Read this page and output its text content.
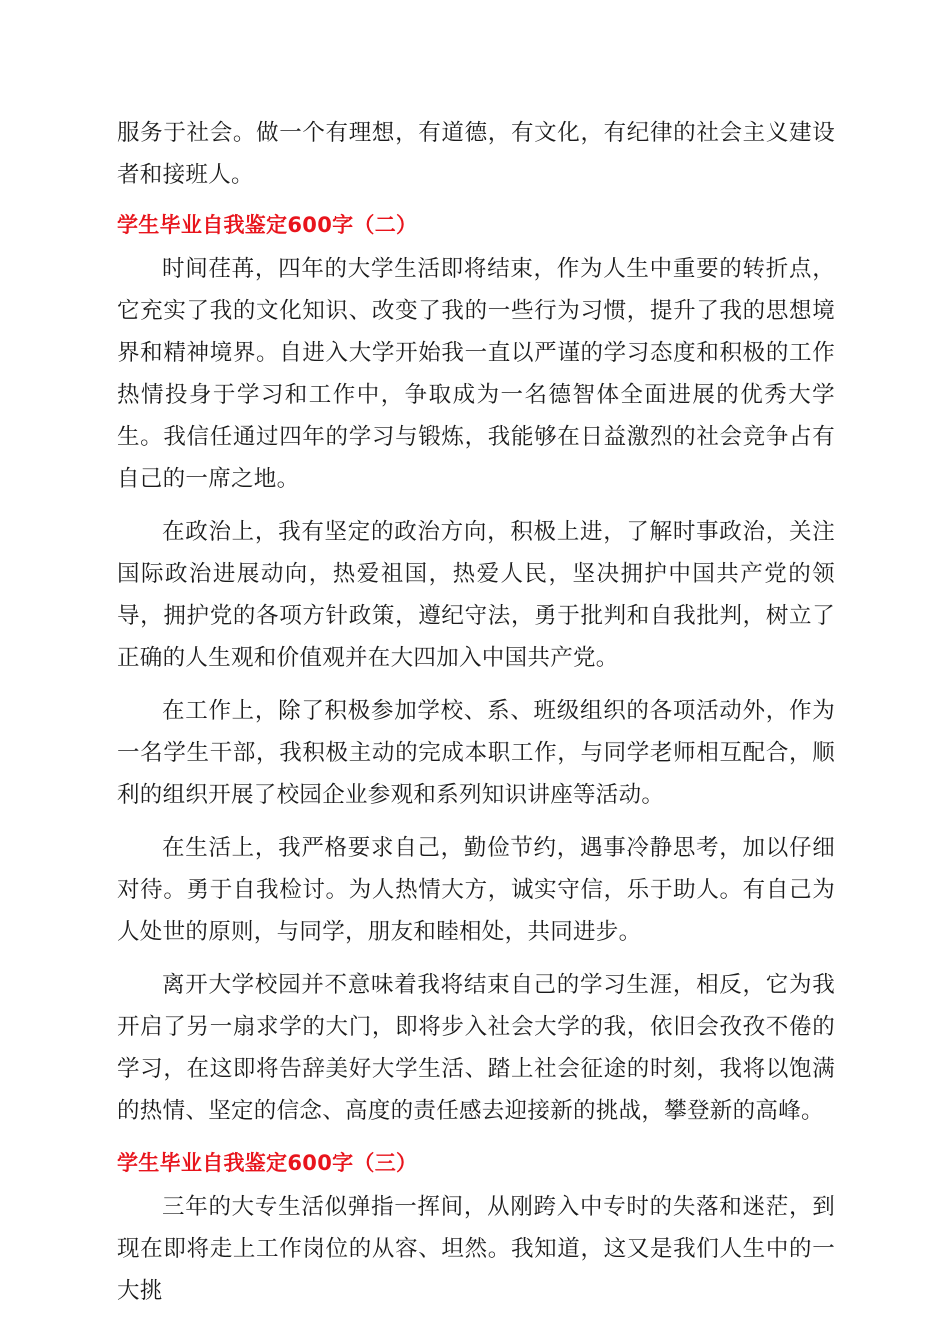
服务于社会。做一个有理想，有道德，有文化，有纪律的社会主义建设者和接班人。

学生毕业自我鉴定600字（二）

时间荏苒，四年的大学生活即将结束，作为人生中重要的转折点，它充实了我的文化知识、改变了我的一些行为习惯，提升了我的思想境界和精神境界。自进入大学开始我一直以严谨的学习态度和积极的工作热情投身于学习和工作中，争取成为一名德智体全面进展的优秀大学生。我信任通过四年的学习与锻炼，我能够在日益激烈的社会竞争占有自己的一席之地。

在政治上，我有坚定的政治方向，积极上进，了解时事政治，关注国际政治进展动向，热爱祖国，热爱人民，坚决拥护中国共产党的领导，拥护党的各项方针政策，遵纪守法，勇于批判和自我批判，树立了正确的人生观和价值观并在大四加入中国共产党。

在工作上，除了积极参加学校、系、班级组织的各项活动外，作为一名学生干部，我积极主动的完成本职工作，与同学老师相互配合，顺利的组织开展了校园企业参观和系列知识讲座等活动。

在生活上，我严格要求自己，勤俭节约，遇事冷静思考，加以仔细对待。勇于自我检讨。为人热情大方，诚实守信，乐于助人。有自己为人处世的原则，与同学，朋友和睦相处，共同进步。

离开大学校园并不意味着我将结束自己的学习生涯，相反，它为我开启了另一扇求学的大门，即将步入社会大学的我，依旧会孜孜不倦的学习，在这即将告辞美好大学生活、踏上社会征途的时刻，我将以饱满的热情、坚定的信念、高度的责任感去迎接新的挑战，攀登新的高峰。

学生毕业自我鉴定600字（三）

三年的大专生活似弹指一挥间，从刚跨入中专时的失落和迷茫，到现在即将走上工作岗位的从容、坦然。我知道，这又是我们人生中的一大挑
